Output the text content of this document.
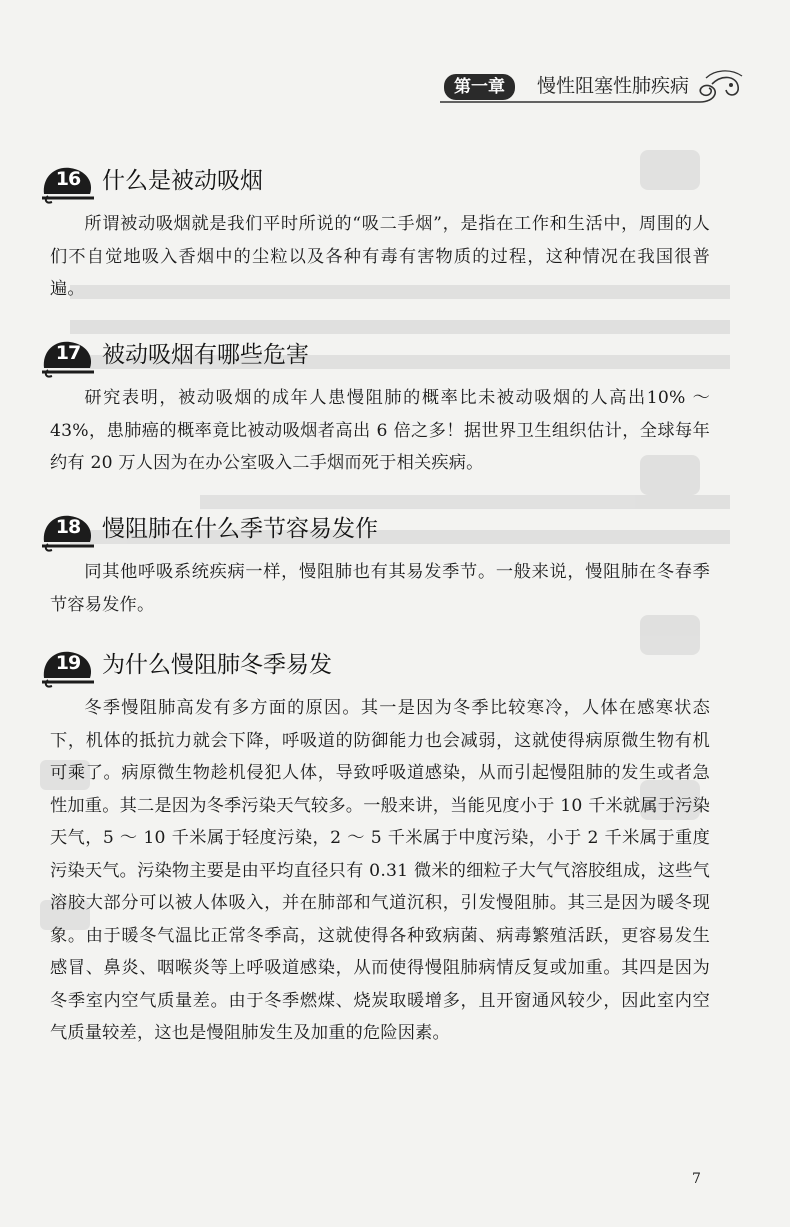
第一章	慢性阻塞性肺疾病
16 什么是被动吸烟

所谓被动吸烟就是我们平时所说的“吸二手烟”，是指在工作和生活中，周围的人们不自觉地吸入香烟中的尘粒以及各种有毒有害物质的过程，这种情况在我国很普遍。

17 被动吸烟有哪些危害

研究表明，被动吸烟的成年人患慢阻肺的概率比未被动吸烟的人高出10% ～ 43%，患肺癌的概率竟比被动吸烟者高出 6 倍之多！据世界卫生组织估计，全球每年约有 20 万人因为在办公室吸入二手烟而死于相关疾病。

18 慢阻肺在什么季节容易发作

同其他呼吸系统疾病一样，慢阻肺也有其易发季节。一般来说，慢阻肺在冬春季节容易发作。

19 为什么慢阻肺冬季易发

冬季慢阻肺高发有多方面的原因。其一是因为冬季比较寒冷，人体在感寒状态下，机体的抵抗力就会下降，呼吸道的防御能力也会减弱，这就使得病原微生物有机可乘了。病原微生物趁机侵犯人体，导致呼吸道感染，从而引起慢阻肺的发生或者急性加重。其二是因为冬季污染天气较多。一般来讲，当能见度小于 10 千米就属于污染天气，5 ～ 10 千米属于轻度污染，2 ～ 5 千米属于中度污染，小于 2 千米属于重度污染天气。污染物主要是由平均直径只有 0.31 微米的细粒子大气气溶胶组成，这些气溶胶大部分可以被人体吸入，并在肺部和气道沉积，引发慢阻肺。其三是因为暖冬现象。由于暖冬气温比正常冬季高，这就使得各种致病菌、病毒繁殖活跃，更容易发生感冒、鼻炎、咽喉炎等上呼吸道感染，从而使得慢阻肺病情反复或加重。其四是因为冬季室内空气质量差。由于冬季燃煤、烧炭取暖增多，且开窗通风较少，因此室内空气质量较差，这也是慢阻肺发生及加重的危险因素。

7
